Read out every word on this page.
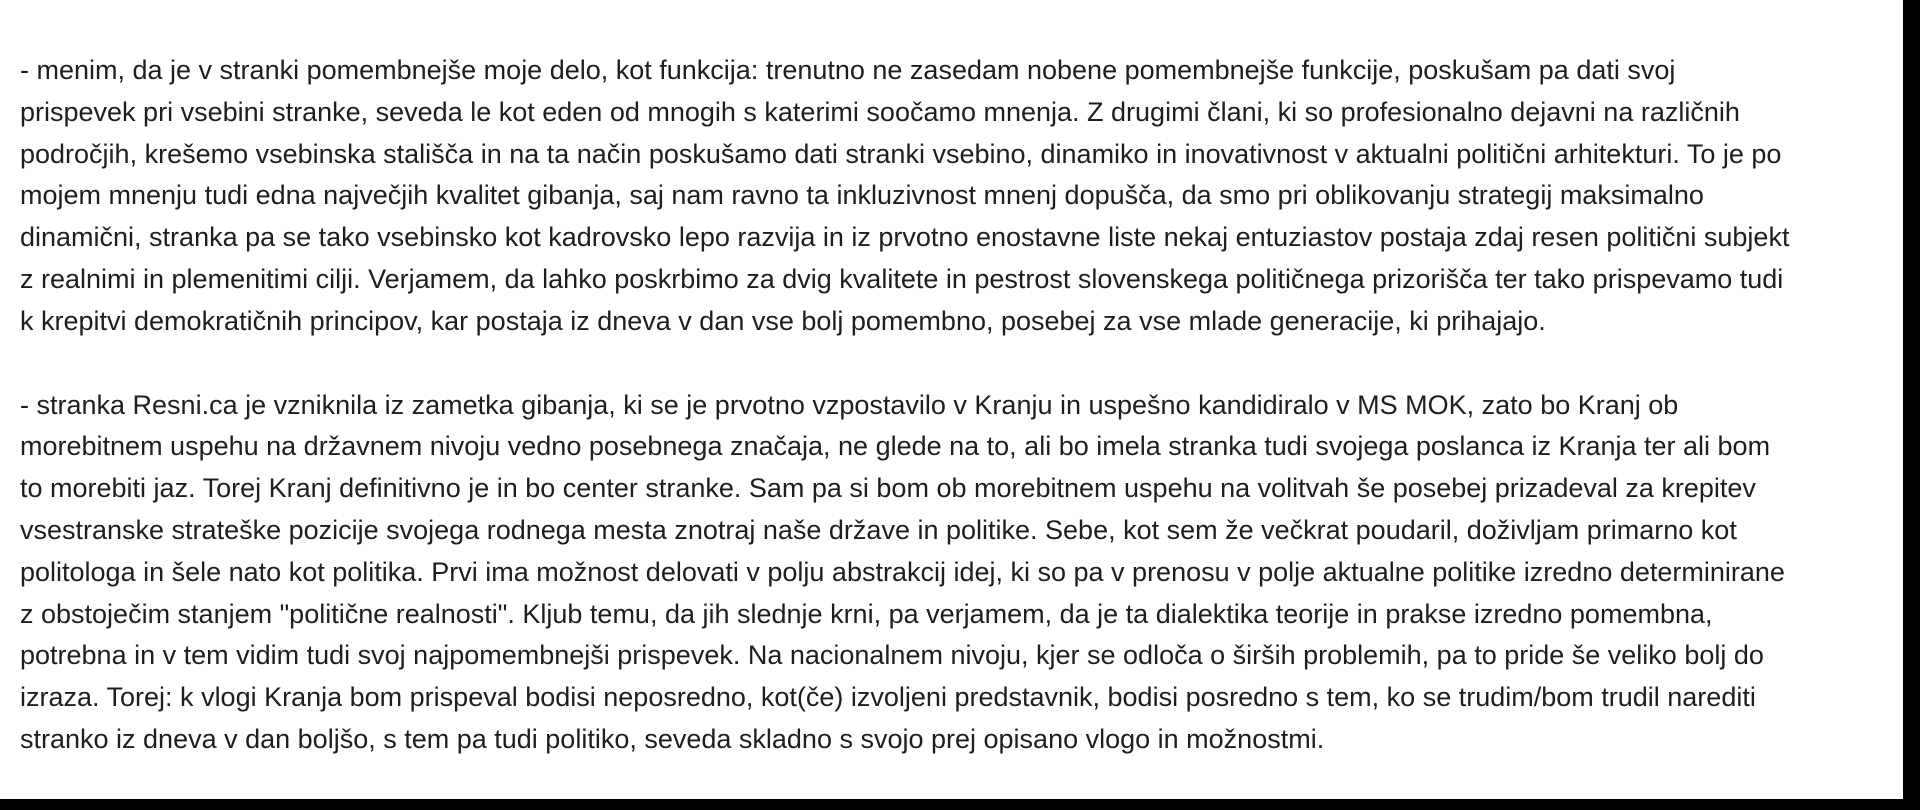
- menim, da je v stranki pomembnejše moje delo, kot funkcija: trenutno ne zasedam nobene pomembnejše funkcije, poskušam pa dati svoj
prispevek pri vsebini stranke, seveda le kot eden od mnogih s katerimi soočamo mnenja. Z drugimi člani, ki so profesionalno dejavni na različnih
področjih, krešemo vsebinska stališča in na ta način poskušamo dati stranki vsebino, dinamiko in inovativnost v aktualni politični arhitekturi. To je po
mojem mnenju tudi edna največjih kvalitet gibanja, saj nam ravno ta inkluzivnost mnenj dopušča, da smo pri oblikovanju strategij maksimalno
dinamični, stranka pa se tako vsebinsko kot kadrovsko lepo razvija in iz prvotno enostavne liste nekaj entuziastov postaja zdaj resen politični subjekt
z realnimi in plemenitimi cilji. Verjamem, da lahko poskrbimo za dvig kvalitete in pestrost slovenskega političnega prizorišča ter tako prispevamo tudi
k krepitvi demokratičnih principov, kar postaja iz dneva v dan vse bolj pomembno, posebej za vse mlade generacije, ki prihajajo.
- stranka Resni.ca je vzniknila iz zametka gibanja, ki se je prvotno vzpostavilo v Kranju in uspešno kandidiralo v MS MOK, zato bo Kranj ob
morebitnem uspehu na državnem nivoju vedno posebnega značaja, ne glede na to, ali bo imela stranka tudi svojega poslanca iz Kranja ter ali bom
to morebiti jaz. Torej Kranj definitivno je in bo center stranke. Sam pa si bom ob morebitnem uspehu na volitvah še posebej prizadeval za krepitev
vsestranske strateške pozicije svojega rodnega mesta znotraj naše države in politike. Sebe, kot sem že večkrat poudaril, doživljam primarno kot
politologa in šele nato kot politika. Prvi ima možnost delovati v polju abstrakcij idej, ki so pa v prenosu v polje aktualne politike izredno determinirane
z obstoječim stanjem "politične realnosti". Kljub temu, da jih slednje krni, pa verjamem, da je ta dialektika teorije in prakse izredno pomembna,
potrebna in v tem vidim tudi svoj najpomembnejši prispevek. Na nacionalnem nivoju, kjer se odloča o širših problemih, pa to pride še veliko bolj do
izraza. Torej: k vlogi Kranja bom prispeval bodisi neposredno, kot(če) izvoljeni predstavnik, bodisi posredno s tem, ko se trudim/bom trudil narediti
stranko iz dneva v dan boljšo, s tem pa tudi politiko, seveda skladno s svojo prej opisano vlogo in možnostmi.
